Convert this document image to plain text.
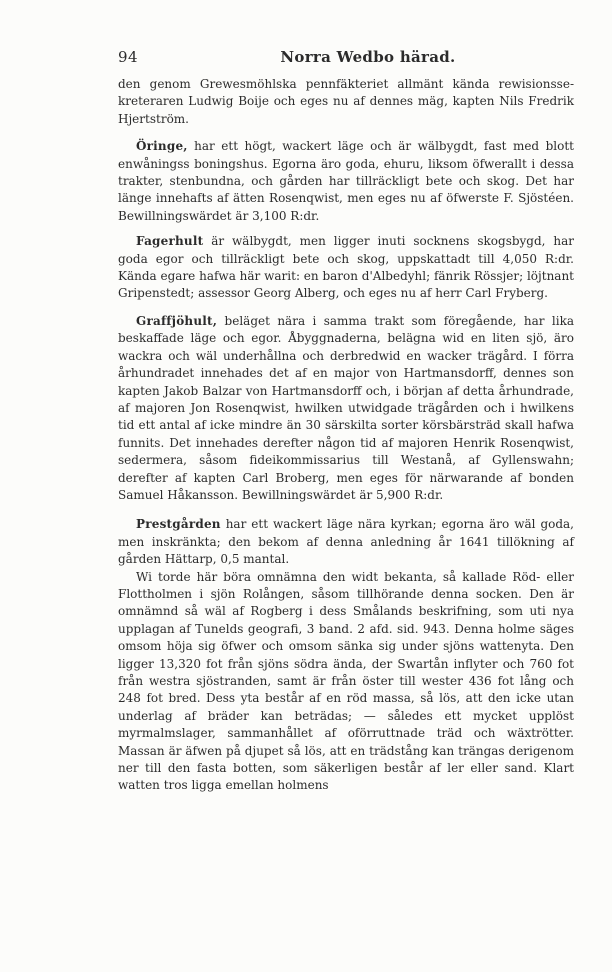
94	Norra Wedbo härad.

den genom Grewesmöhlska pennfäkteriet allmänt kända rewisionssekreteraren Ludwig Boije och eges nu af dennes mäg, kapten Nils Fredrik Hjertström.

Öringe, har ett högt, wackert läge och är wälbygdt, fast med blott enwåningss boningshus. Egorna äro goda, ehuru, liksom öfwerallt i dessa trakter, stenbundna, och gården har tillräckligt bete och skog. Det har länge innehafts af ätten Rosenqwist, men eges nu af öfwerste F. Sjöstéen. Bewillningswärdet är 3,100 R:dr.

Fagerhult är wälbygdt, men ligger inuti socknens skogsbygd, har goda egor och tillräckligt bete och skog, uppskattadt till 4,050 R:dr. Kända egare hafwa här warit: en baron d'Albedyhl; fänrik Rössjer; löjtnant Gripenstedt; assessor Georg Alberg, och eges nu af herr Carl Fryberg.

Graffjöhult, beläget nära i samma trakt som föregående, har lika beskaffade läge och egor. Åbyggnaderna, belägna wid en liten sjö, äro wackra och wäl underhållna och derbredwid en wacker trägård. I förra århundradet innehades det af en major von Hartmansdorff, dennes son kapten Jakob Balzar von Hartmansdorff och, i början af detta århundrade, af majoren Jon Rosenqwist, hwilken utwidgade trägården och i hwilkens tid ett antal af icke mindre än 30 särskilta sorter körsbärsträd skall hafwa funnits. Det innehades derefter någon tid af majoren Henrik Rosenqwist, sedermera, såsom fideikommissarius till Westanå, af Gyllenswahn; derefter af kapten Carl Broberg, men eges för närwarande af bonden Samuel Håkansson. Bewillningswärdet är 5,900 R:dr.

Prestgården har ett wackert läge nära kyrkan; egorna äro wäl goda, men inskränkta; den bekom af denna anledning år 1641 tillökning af gården Hättarp, 0,5 mantal.

Wi torde här böra omnämna den widt bekanta, så kallade Röd- eller Flottholmen i sjön Rolången, såsom tillhörande denna socken. Den är omnämnd så wäl af Rogberg i dess Smålands beskrifning, som uti nya upplagan af Tunelds geografi, 3 band. 2 afd. sid. 943. Denna holme säges omsom höja sig öfwer och omsom sänka sig under sjöns wattenyta. Den ligger 13,320 fot från sjöns södra ända, der Swartån inflyter och 760 fot från westra sjöstranden, samt är från öster till wester 436 fot lång och 248 fot bred. Dess yta består af en röd massa, så lös, att den icke utan underlag af bräder kan beträdas; — således ett mycket upplöst myrmalmslager, sammanhållet af oförruttnade träd och wäxtrötter. Massan är äfwen på djupet så lös, att en trädstång kan trängas derigenom ner till den fasta botten, som säkerligen består af ler eller sand. Klart watten tros ligga emellan holmens
